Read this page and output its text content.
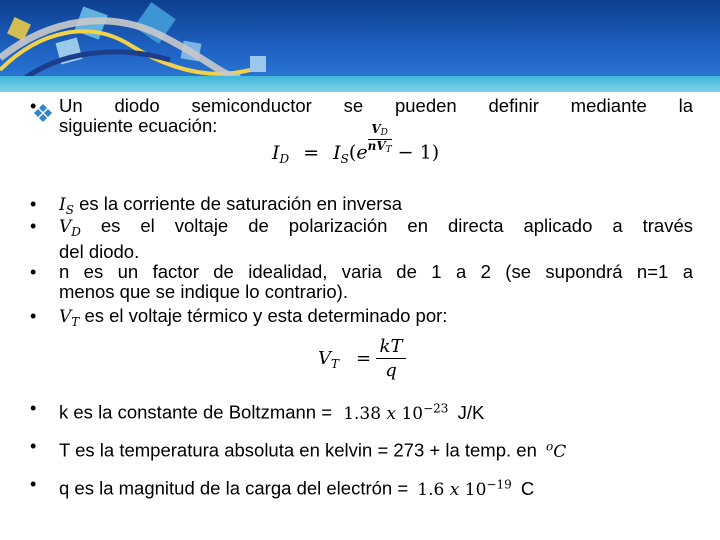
• Un diodo semiconductor se pueden definir mediante la
siguiente ecuación:
$I_D = I_S(e$
$V_D$
$nV_T - 1$)
• $I_S$ es la corriente de saturación en inversa
• $V_D$ es el voltaje de polarización en directa aplicado a través
del diodo.
• n es un factor de idealidad, varia de 1 a 2 (se supondrá n=1 a
menos que se indique lo contrario).
• $V_T$ es el voltaje térmico y esta determinado por:
$V_T = \frac{kT}{q}$
• k es la constante de Boltzmann = 1.38 x $10^{-23}$ J/K
• T es la temperatura absoluta en kelvin = 273 + la temp. en $^o$C
• q es la magnitud de la carga del electrón = 1.6 x $10^{-19}$ C
